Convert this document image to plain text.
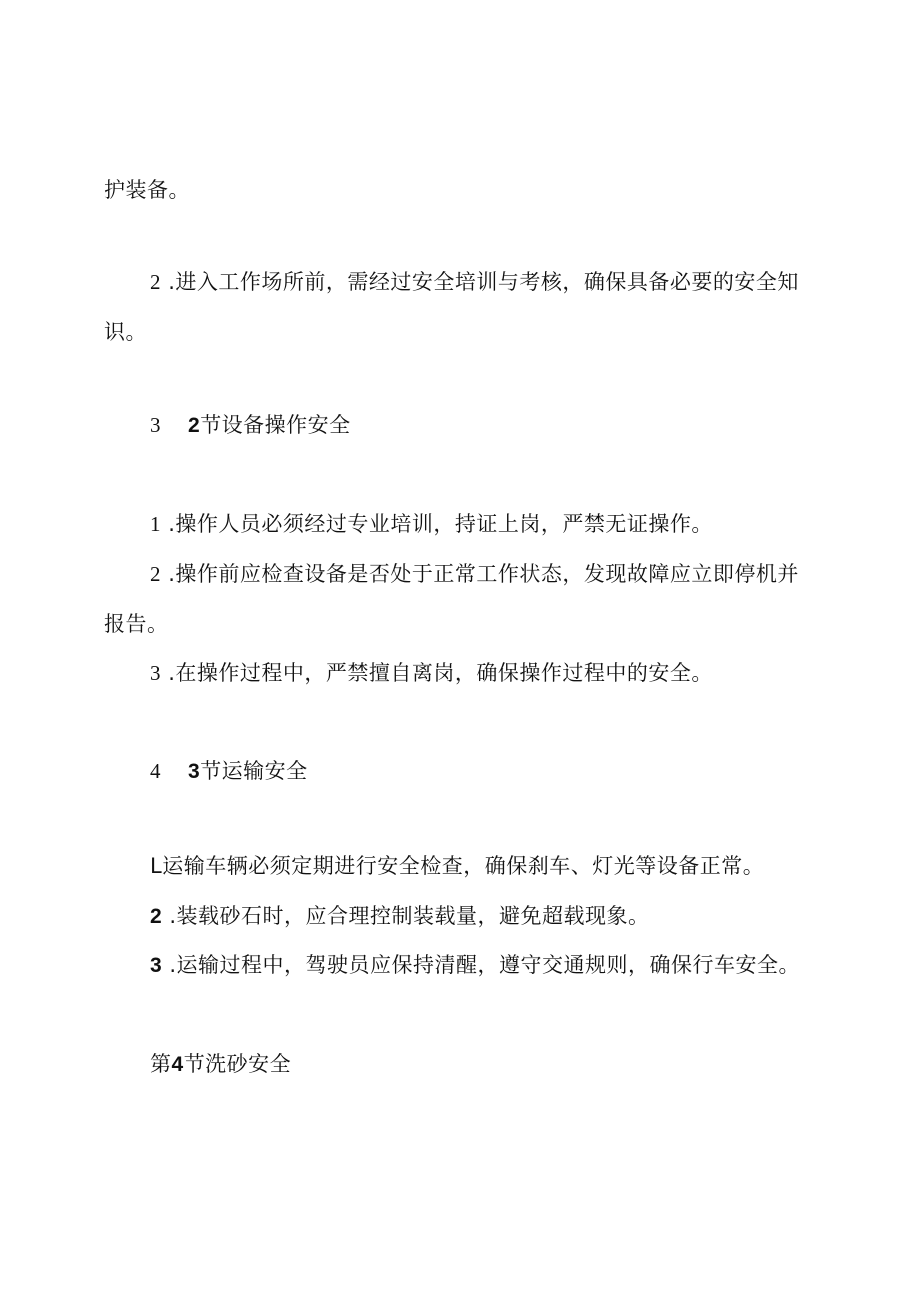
护装备。
2 .进入工作场所前，需经过安全培训与考核，确保具备必要的安全知
识。
3 2节设备操作安全
1 .操作人员必须经过专业培训，持证上岗，严禁无证操作。
2 .操作前应检查设备是否处于正常工作状态，发现故障应立即停机并
报告。
3 .在操作过程中，严禁擅自离岗，确保操作过程中的安全。
4 3节运输安全
L运输车辆必须定期进行安全检查，确保刹车、灯光等设备正常。
2 .装载砂石时，应合理控制装载量，避免超载现象。
3 .运输过程中，驾驶员应保持清醒，遵守交通规则，确保行车安全。
第4节洗砂安全
